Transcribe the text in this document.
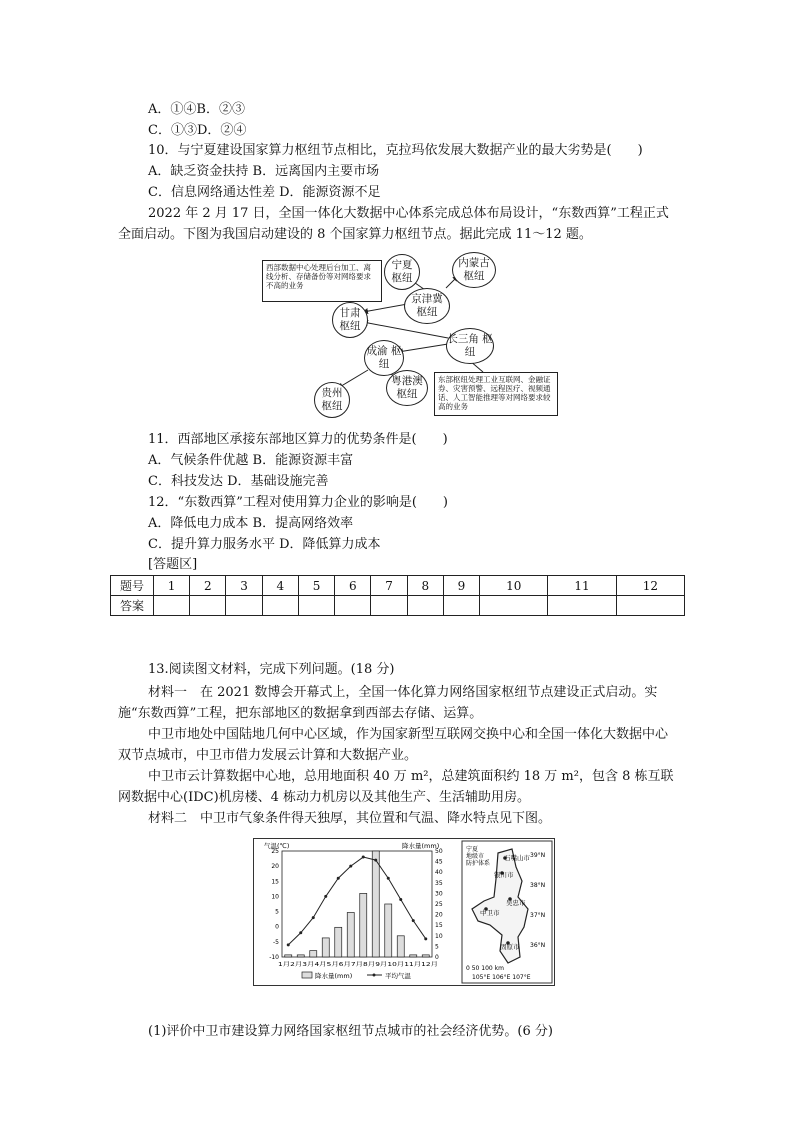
A．①④B．②③
C．①③D．②④
10．与宁夏建设国家算力枢纽节点相比，克拉玛依发展大数据产业的最大劣势是(　　)
A．缺乏资金扶持 B．远离国内主要市场
C．信息网络通达性差 D．能源资源不足
2022 年 2 月 17 日，全国一体化大数据中心体系完成总体布局设计，“东数西算”工程正式全面启动。下图为我国启动建设的 8 个国家算力枢纽节点。据此完成 11～12 题。
西部数据中心处理后台加工、离线分析、存储备份等对网络要求不高的业务
宁夏 枢纽
内蒙古 枢纽
京津冀 枢纽
甘肃 枢纽
长三角 枢纽
成渝 枢纽
粤港澳 枢纽
贵州 枢纽
东部枢纽处理工业互联网、金融证券、灾害预警、远程医疗、视频通话、人工智能推理等对网络要求较高的业务
11．西部地区承接东部地区算力的优势条件是(　　)
A．气候条件优越 B．能源资源丰富
C．科技发达 D．基础设施完善
12．“东数西算”工程对使用算力企业的影响是(　　)
A．降低电力成本 B．提高网络效率
C．提升算力服务水平 D．降低算力成本
[答题区]
题号	1	2	3	4	5	6	7	8	9	10	11	12
答案												
13.阅读图文材料，完成下列问题。(18 分)
材料一　在 2021 数博会开幕式上，全国一体化算力网络国家枢纽节点建设正式启动。实施“东数西算”工程，把东部地区的数据拿到西部去存储、运算。
中卫市地处中国陆地几何中心区域，作为国家新型互联网交换中心和全国一体化大数据中心双节点城市，中卫市借力发展云计算和大数据产业。
中卫市云计算数据中心地，总用地面积 40 万 m²，总建筑面积约 18 万 m²，包含 8 栋互联网数据中心(IDC)机房楼、4 栋动力机房以及其他生产、生活辅助用房。
材料二　中卫市气象条件得天独厚，其位置和气温、降水特点见下图。
25
20
15
10
5
0
-5
-10
50
45
40
35
30
25
20
15
10
5
0
气温(℃)	降水量(mm)
1月2月3月4月5月6月7月8月9月10月11月12月
降水量(mm)	平均气温
宁夏
地级市
防护体系
石嘴山市
银川市
吴忠市
中卫市
固原市
39°N
38°N
37°N
36°N
0 50 100 km
105°E 106°E 107°E
(1)评价中卫市建设算力网络国家枢纽节点城市的社会经济优势。(6 分)
